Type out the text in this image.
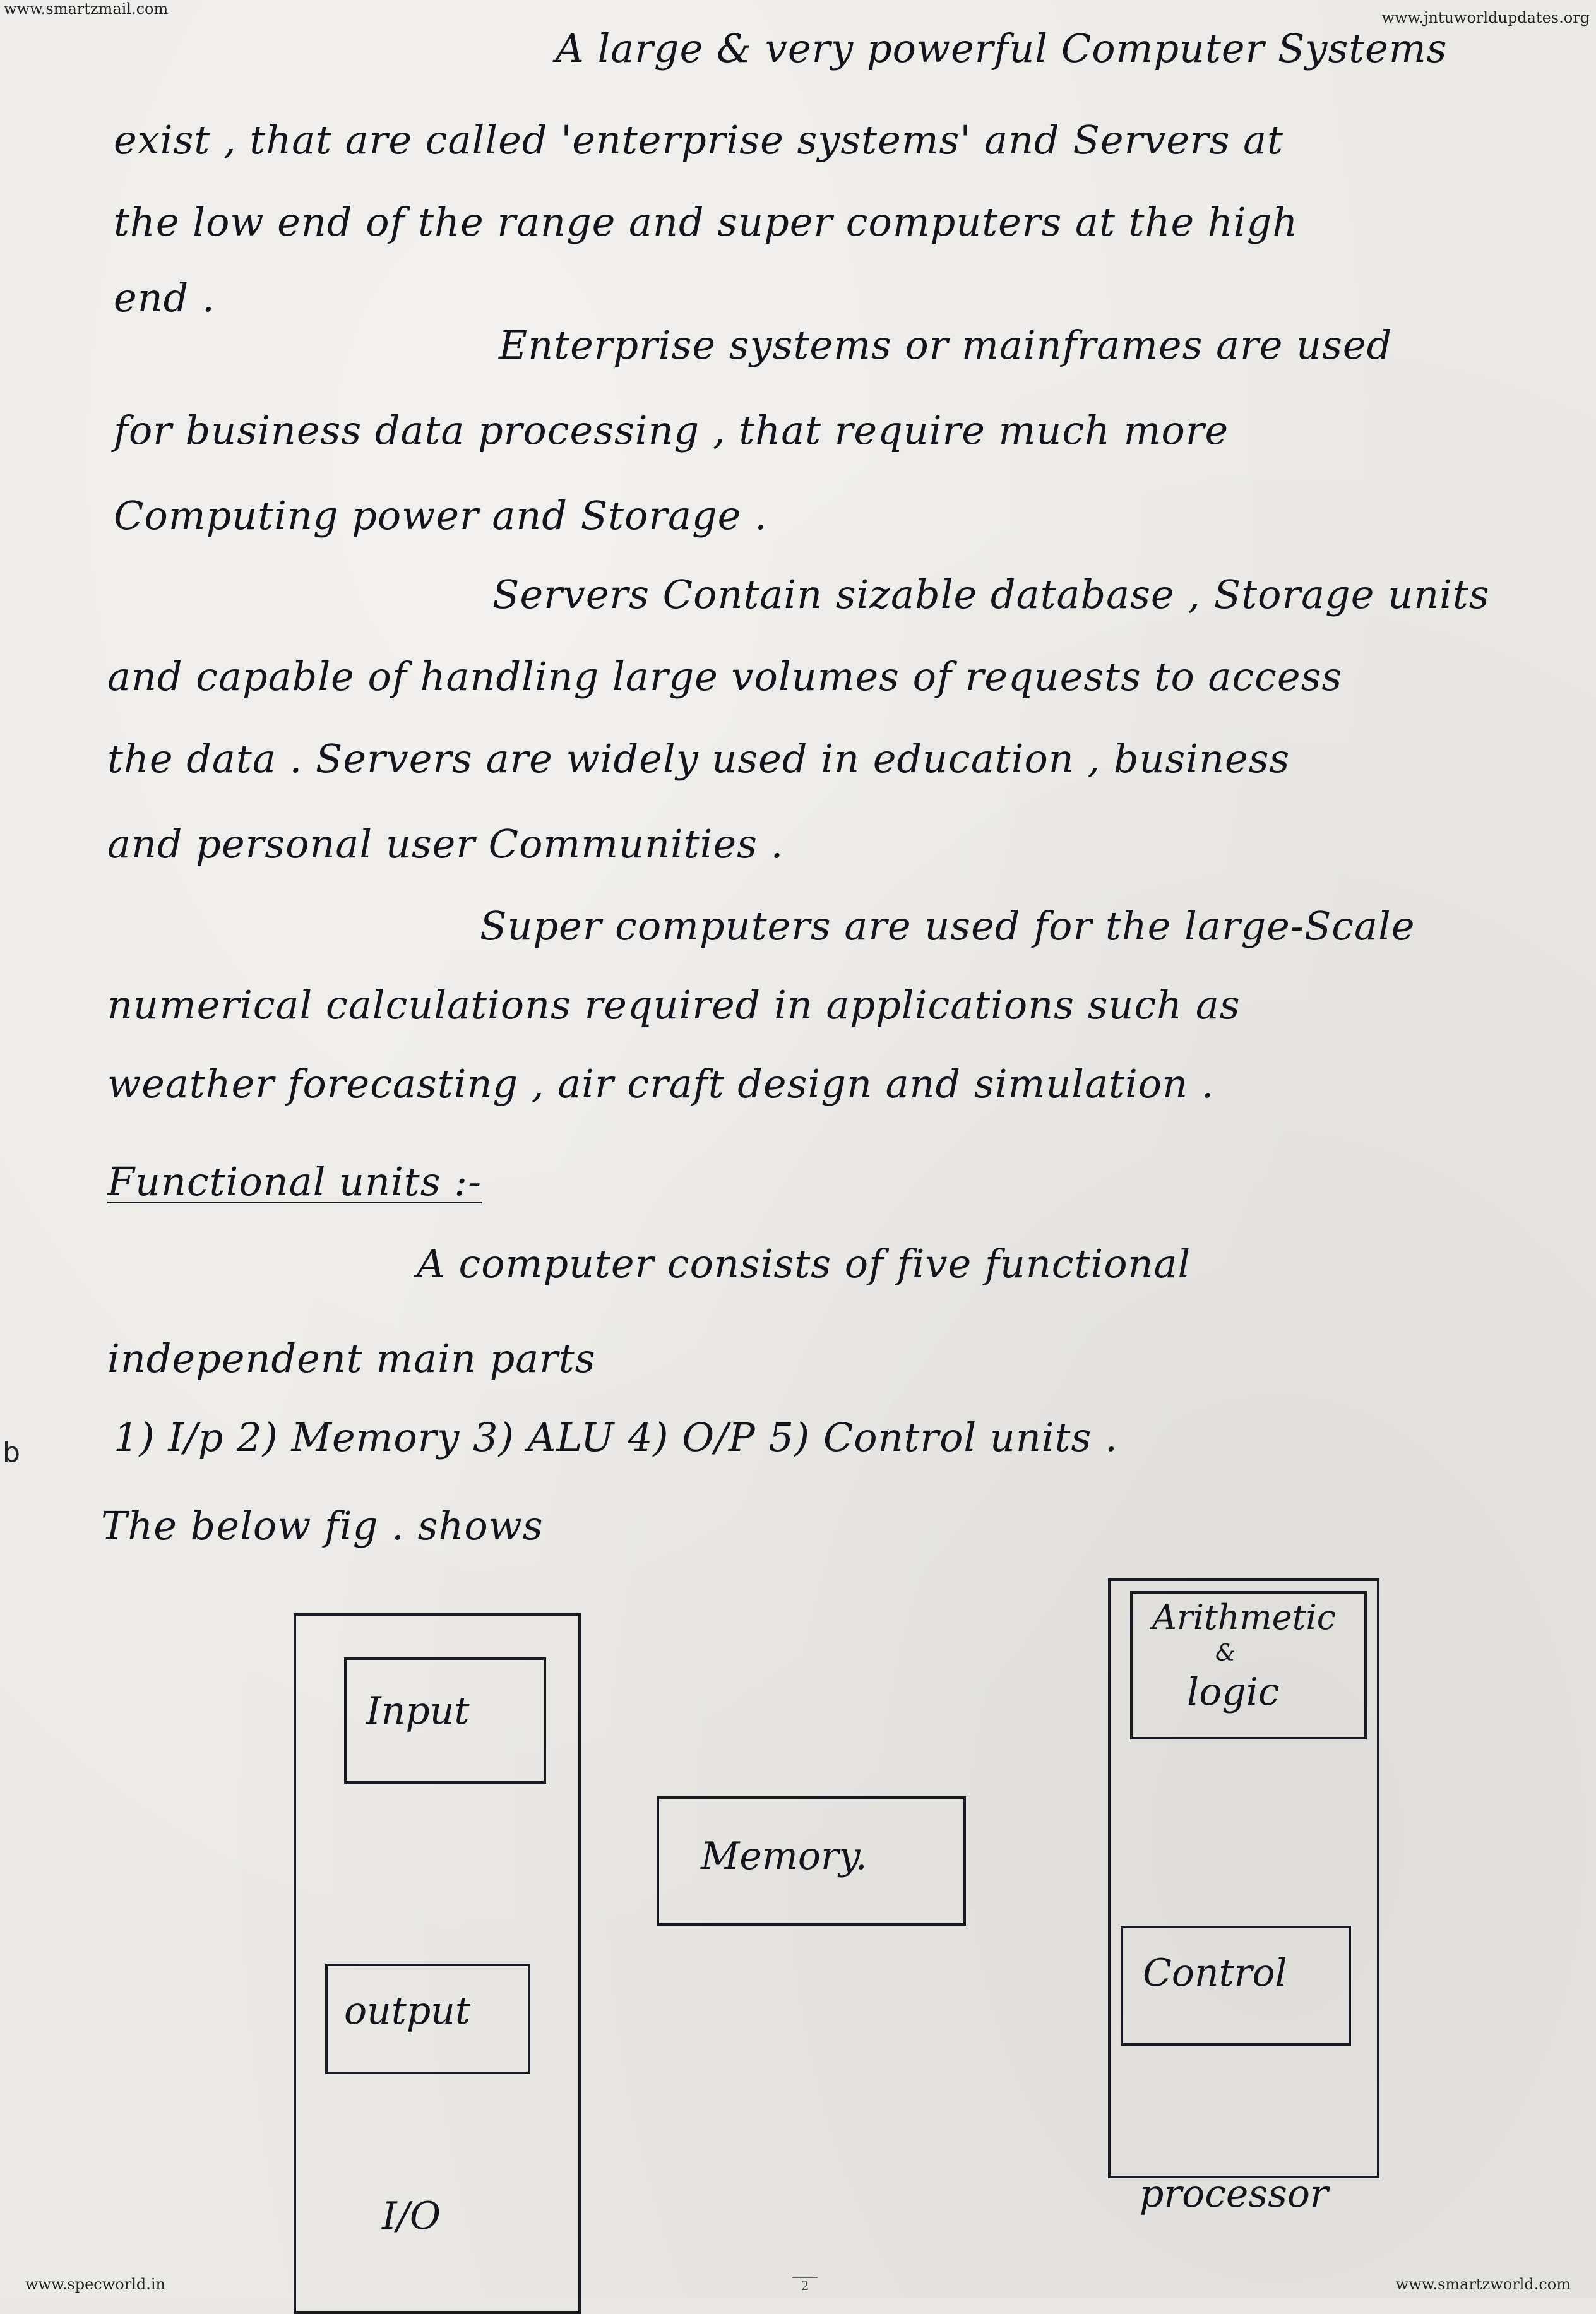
www.smartzmail.com	www.jntuworldupdates.org
A large & very powerful Computer Systems
exist , that are called 'enterprise systems' and Servers at
the low end of the range and super computers at the high
end .
Enterprise systems or mainframes are used
for business data processing , that require much more
Computing power and Storage .
Servers Contain sizable database , Storage units
and capable of handling large volumes of requests to access
the data . Servers are widely used in education , business
and personal user Communities .
Super computers are used for the large-Scale
numerical calculations required in applications such as
weather forecasting , air craft design and simulation .
Functional units :-
A computer consists of five functional
independent main parts
1) I/p 2) Memory 3) ALU 4) O/P 5) Control units .
The below fig . shows
b
Input
output
I/O
Memory.
Arithmetic
&
logic
Control
processor
www.specworld.in	2	www.smartzworld.com
